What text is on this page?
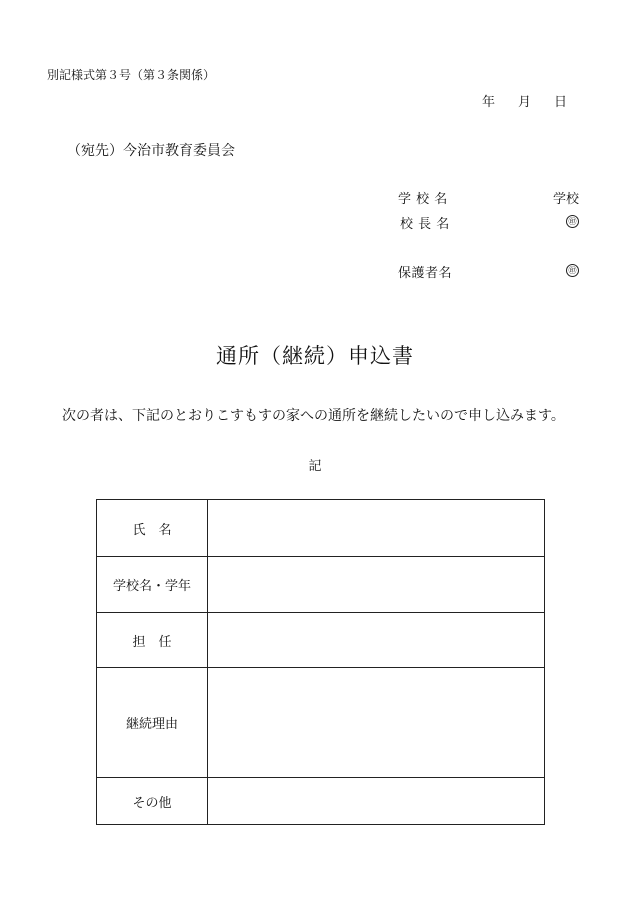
別記様式第３号（第３条関係）
年 月 日
（宛先）今治市教育委員会
学 校 名	学校
校 長 名	㊞
保護者名	㊞
通所（継続）申込書
次の者は、下記のとおりこすもすの家への通所を継続したいので申し込みます。
記
氏　名	
学校名・学年	
担　任	
継続理由	
その他	
